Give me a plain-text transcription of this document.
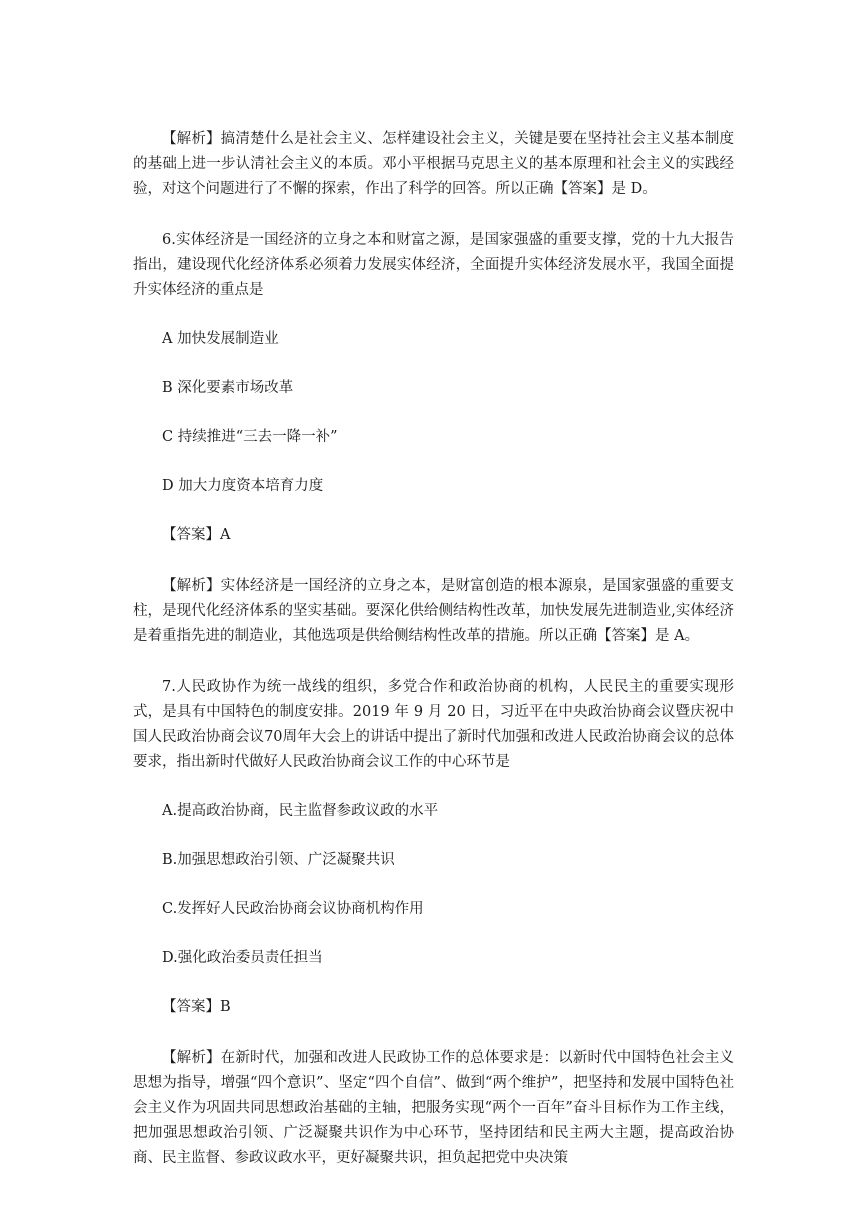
【解析】搞清楚什么是社会主义、怎样建设社会主义，关键是要在坚持社会主义基本制度的基础上进一步认清社会主义的本质。邓小平根据马克思主义的基本原理和社会主义的实践经验，对这个问题进行了不懈的探索，作出了科学的回答。所以正确【答案】是 D。

6.实体经济是一国经济的立身之本和财富之源，是国家强盛的重要支撑，党的十九大报告指出，建设现代化经济体系必须着力发展实体经济，全面提升实体经济发展水平，我国全面提升实体经济的重点是

A 加快发展制造业

B 深化要素市场改革

C 持续推进“三去一降一补”

D 加大力度资本培育力度

【答案】A

【解析】实体经济是一国经济的立身之本，是财富创造的根本源泉，是国家强盛的重要支柱，是现代化经济体系的坚实基础。要深化供给侧结构性改革，加快发展先进制造业,实体经济是着重指先进的制造业，其他选项是供给侧结构性改革的措施。所以正确【答案】是 A。

7.人民政协作为统一战线的组织，多党合作和政治协商的机构，人民民主的重要实现形式，是具有中国特色的制度安排。2019 年 9 月 20 日，习近平在中央政治协商会议暨庆祝中国人民政治协商会议70周年大会上的讲话中提出了新时代加强和改进人民政治协商会议的总体要求，指出新时代做好人民政治协商会议工作的中心环节是

A.提高政治协商，民主监督参政议政的水平

B.加强思想政治引领、广泛凝聚共识

C.发挥好人民政治协商会议协商机构作用

D.强化政治委员责任担当

【答案】B

【解析】在新时代，加强和改进人民政协工作的总体要求是：以新时代中国特色社会主义思想为指导，增强“四个意识”、坚定“四个自信”、做到“两个维护”，把坚持和发展中国特色社会主义作为巩固共同思想政治基础的主轴，把服务实现“两个一百年”奋斗目标作为工作主线，把加强思想政治引领、广泛凝聚共识作为中心环节，坚持团结和民主两大主题，提高政治协商、民主监督、参政议政水平，更好凝聚共识，担负起把党中央决策
